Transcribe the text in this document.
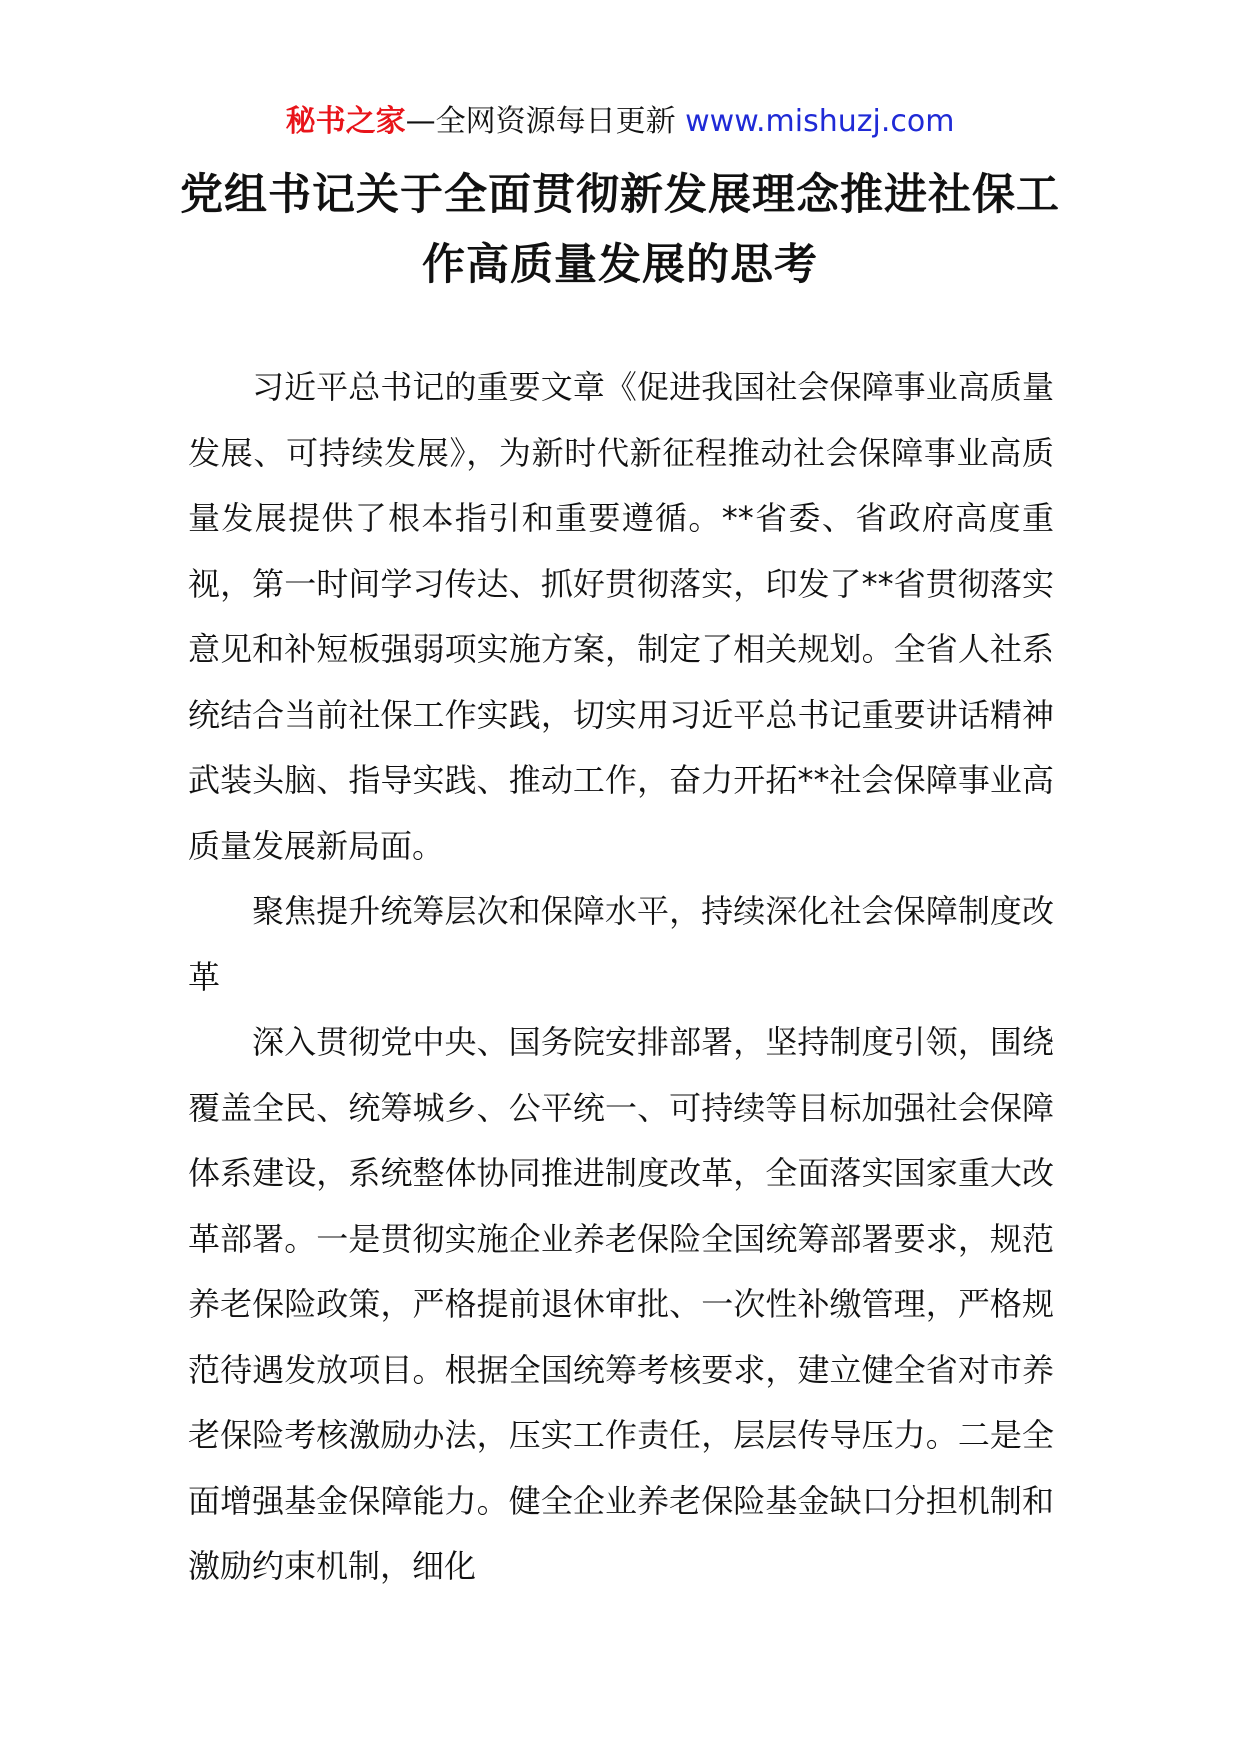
秘书之家—全网资源每日更新 www.mishuzj.com
党组书记关于全面贯彻新发展理念推进社保工作高质量发展的思考

习近平总书记的重要文章《促进我国社会保障事业高质量发展、可持续发展》，为新时代新征程推动社会保障事业高质量发展提供了根本指引和重要遵循。**省委、省政府高度重视，第一时间学习传达、抓好贯彻落实，印发了**省贯彻落实意见和补短板强弱项实施方案，制定了相关规划。全省人社系统结合当前社保工作实践，切实用习近平总书记重要讲话精神武装头脑、指导实践、推动工作，奋力开拓**社会保障事业高质量发展新局面。

聚焦提升统筹层次和保障水平，持续深化社会保障制度改革

深入贯彻党中央、国务院安排部署，坚持制度引领，围绕覆盖全民、统筹城乡、公平统一、可持续等目标加强社会保障体系建设，系统整体协同推进制度改革，全面落实国家重大改革部署。一是贯彻实施企业养老保险全国统筹部署要求，规范养老保险政策，严格提前退休审批、一次性补缴管理，严格规范待遇发放项目。根据全国统筹考核要求，建立健全省对市养老保险考核激励办法，压实工作责任，层层传导压力。二是全面增强基金保障能力。健全企业养老保险基金缺口分担机制和激励约束机制，细化
